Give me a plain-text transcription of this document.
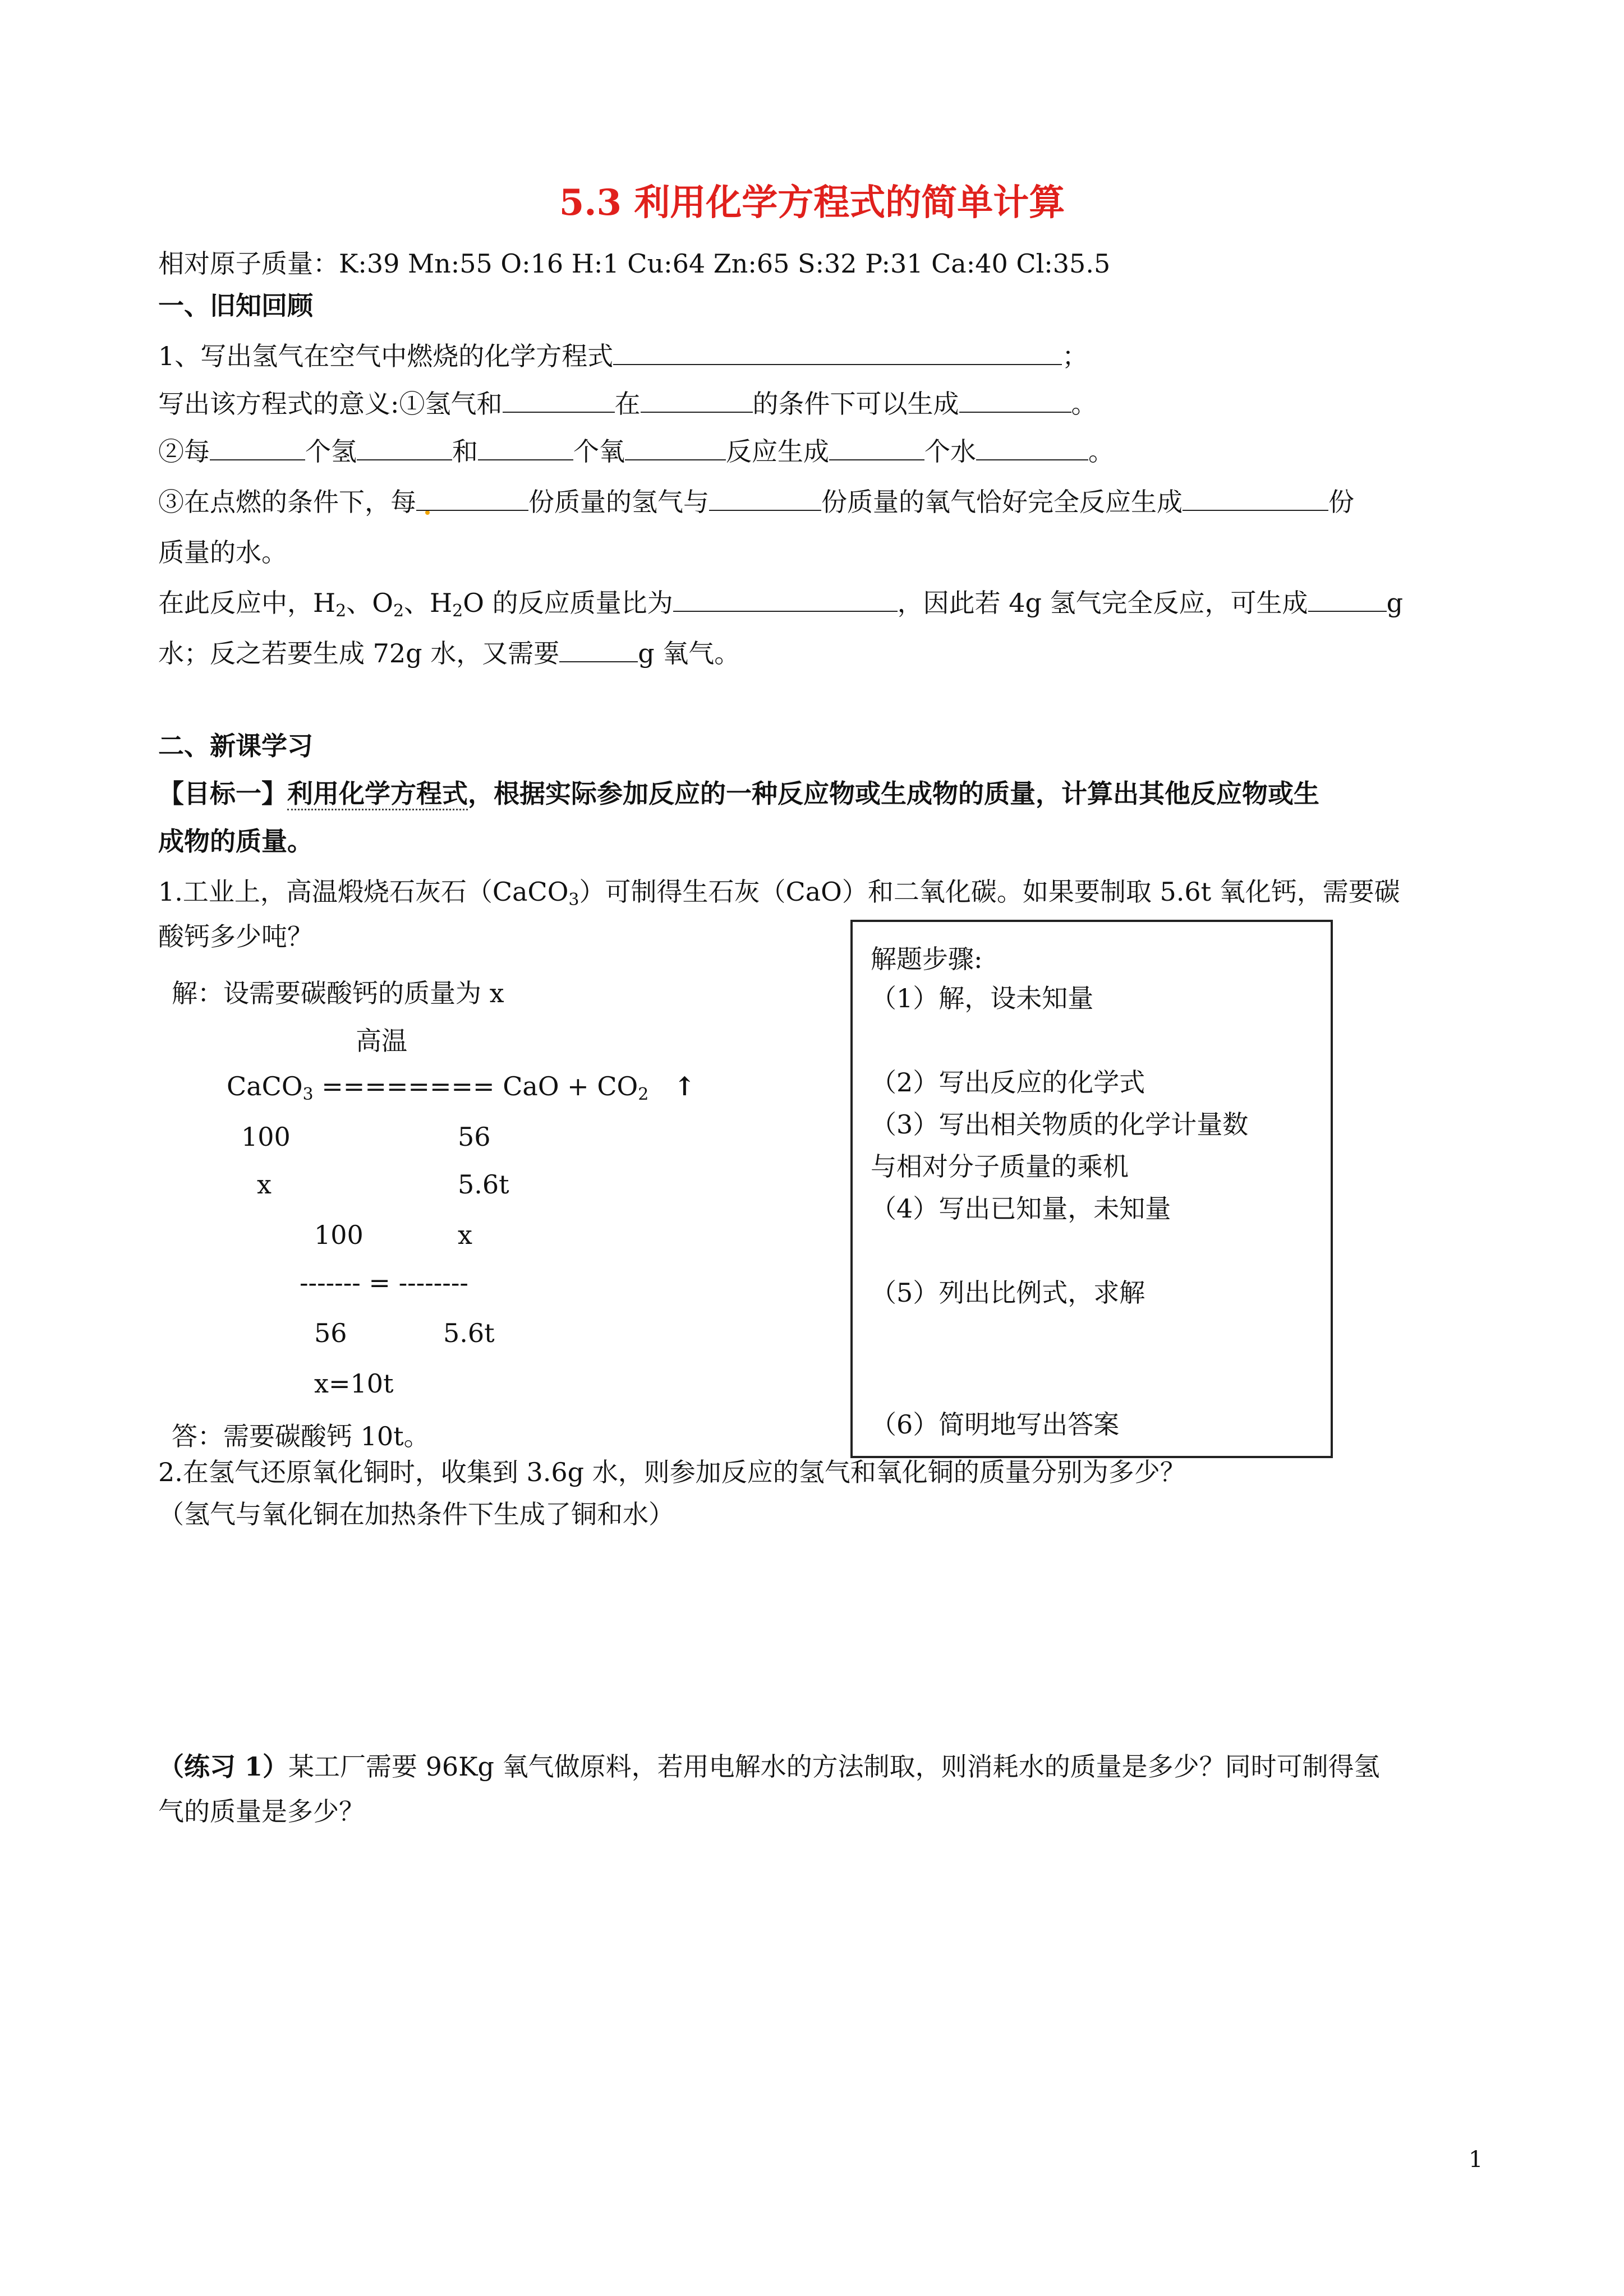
5.3 利用化学方程式的简单计算
相对原子质量：K:39 Mn:55 O:16 H:1 Cu:64 Zn:65 S:32 P:31 Ca:40 Cl:35.5
一、旧知回顾
1、写出氢气在空气中燃烧的化学方程式	；
写出该方程式的意义:①氢气和	在	的条件下可以生成	。
②每	个氢	和	个氧	反应生成	个水	。
③在点燃的条件下，每	份质量的氢气与	份质量的氧气恰好完全反应生成	份
质量的水。
在此反应中，$H_2$、$O_2$、$H_2O$ 的反应质量比为	，因此若 4g 氢气完全反应，可生成	g
水；反之若要生成 72g 水，又需要	g 氧气。
二、新课学习
【目标一】利用化学方程式，根据实际参加反应的一种反应物或生成物的质量，计算出其他反应物或生
成物的质量。
1.工业上，高温煅烧石灰石（CaCO$_3$）可制得生石灰（CaO）和二氧化碳。如果要制取 5.6t 氧化钙，需要碳
酸钙多少吨？
解：设需要碳酸钙的质量为 x
高温
CaCO$_3$ ======== CaO + $CO_2$ ↑
100	56
x	5.6t
100	x
------- = --------
56	5.6t
x=10t
答：需要碳酸钙 10t。
解题步骤:
（1）解，设未知量
（2）写出反应的化学式
（3）写出相关物质的化学计量数
与相对分子质量的乘机
（4）写出已知量，未知量
（5）列出比例式，求解
（6）简明地写出答案
2.在氢气还原氧化铜时，收集到 3.6g 水，则参加反应的氢气和氧化铜的质量分别为多少？
（氢气与氧化铜在加热条件下生成了铜和水）
（练习 1）某工厂需要 96Kg 氧气做原料，若用电解水的方法制取，则消耗水的质量是多少？同时可制得氢
气的质量是多少？
1
